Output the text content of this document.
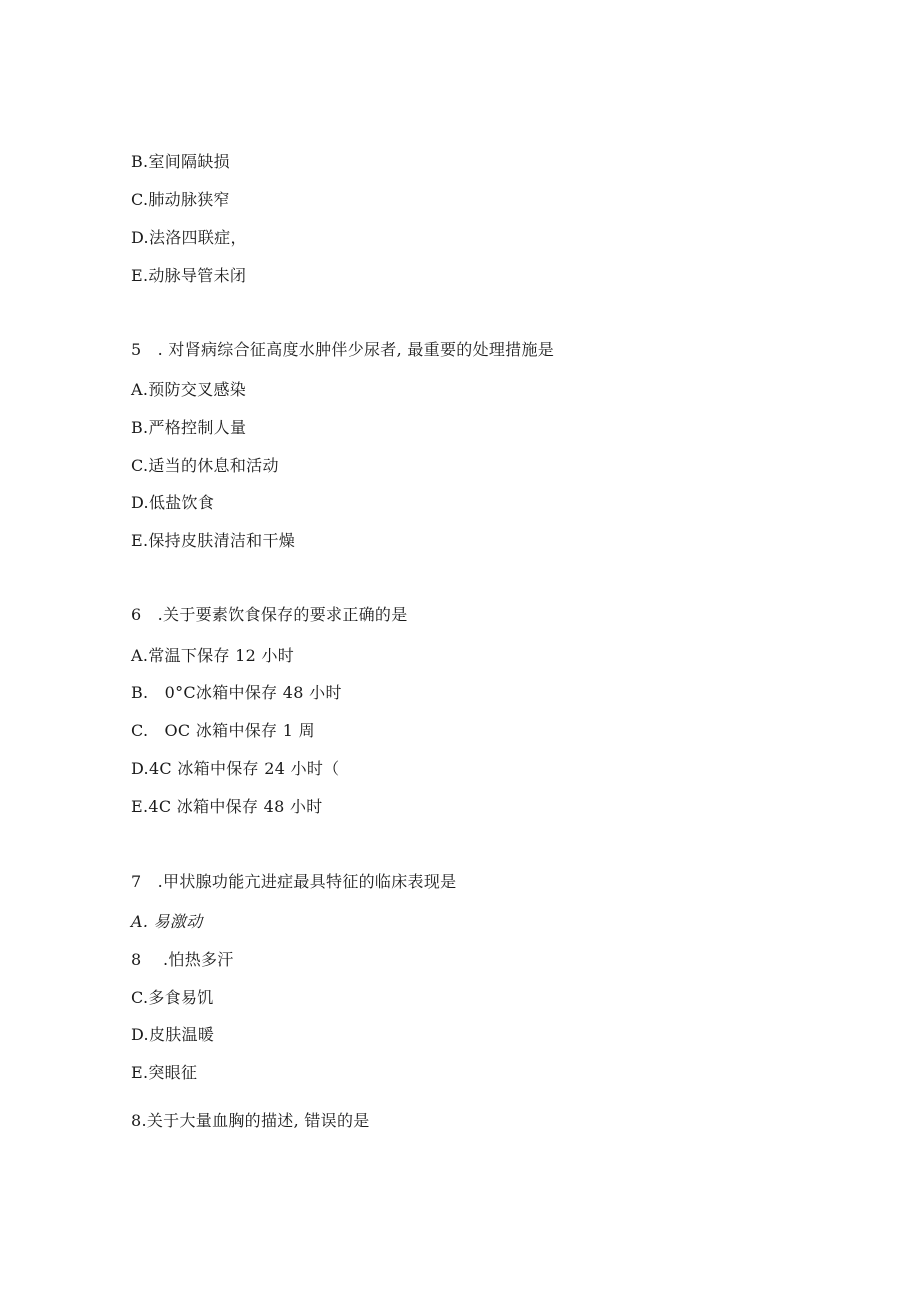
B.室间隔缺损
C.肺动脉狭窄
D.法洛四联症，
E.动脉导管未闭
5   . 对肾病综合征高度水肿伴少尿者, 最重要的处理措施是
A.预防交叉感染
B.严格控制人量
C.适当的休息和活动
D.低盐饮食
E.保持皮肤清洁和干燥
6   .关于要素饮食保存的要求正确的是
A.常温下保存 12 小时
B.   0°C冰箱中保存 48 小时
C.   OC 冰箱中保存 1 周
D.4C 冰箱中保存 24 小时（
E.4C 冰箱中保存 48 小时
7   .甲状腺功能亢进症最具特征的临床表现是
A. 易激动
8    .怕热多汗
C.多食易饥
D.皮肤温暖
E.突眼征
8.关于大量血胸的描述, 错误的是
